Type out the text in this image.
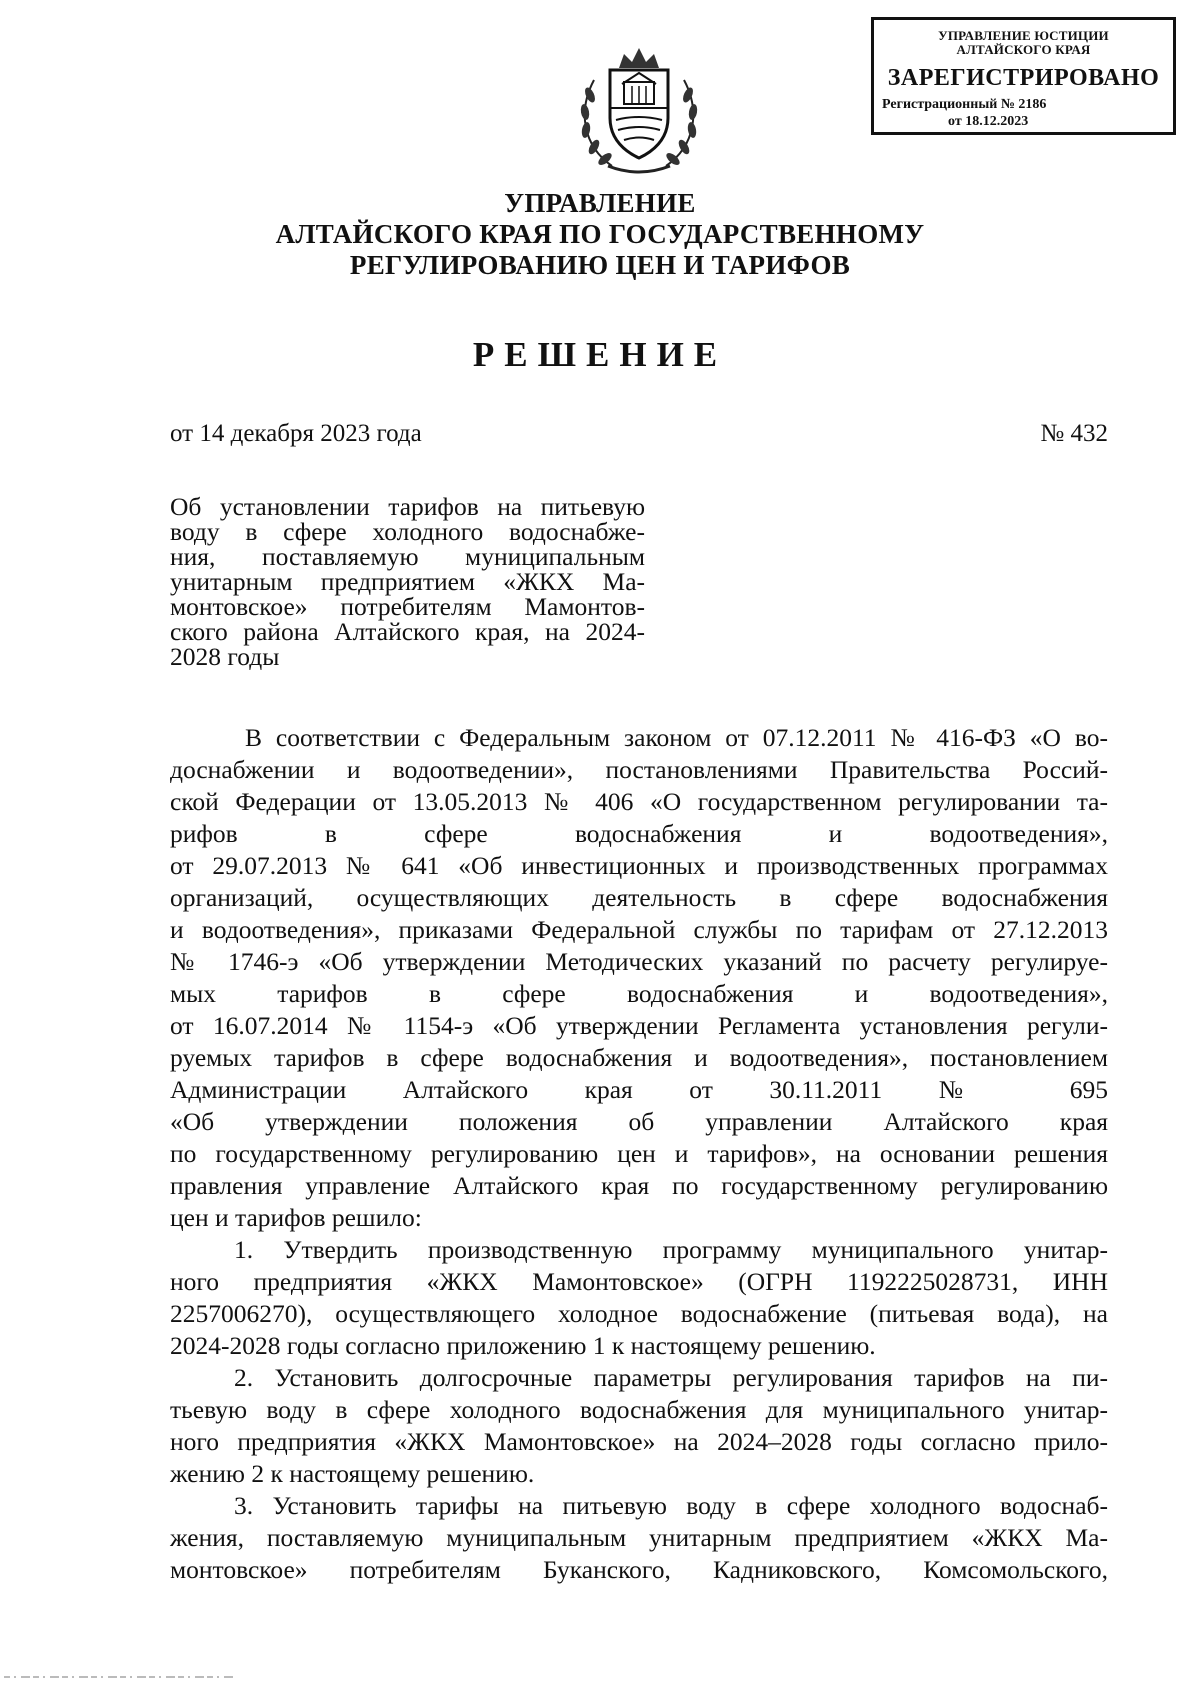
УПРАВЛЕНИЕ ЮСТИЦИИ
АЛТАЙСКОГО КРАЯ
ЗАРЕГИСТРИРОВАНО
Регистрационный № 2186
от 18.12.2023
УПРАВЛЕНИЕ
АЛТАЙСКОГО КРАЯ ПО ГОСУДАРСТВЕННОМУ
РЕГУЛИРОВАНИЮ ЦЕН И ТАРИФОВ
РЕШЕНИЕ
от 14 декабря 2023 года	№ 432
Об установлении тарифов на питьевую
воду в сфере холодного водоснабже-
ния, поставляемую муниципальным
унитарным предприятием «ЖКХ Ма-
монтовское» потребителям Мамонтов-
ского района Алтайского края, на 2024-
2028 годы
В соответствии с Федеральным законом от 07.12.2011 № 416-ФЗ «О во-
доснабжении и водоотведении», постановлениями Правительства Россий-
ской Федерации от 13.05.2013 № 406 «О государственном регулировании та-
рифов в сфере водоснабжения и водоотведения»,
от 29.07.2013 № 641 «Об инвестиционных и производственных программах
организаций, осуществляющих деятельность в сфере водоснабжения
и водоотведения», приказами Федеральной службы по тарифам от 27.12.2013
№ 1746-э «Об утверждении Методических указаний по расчету регулируе-
мых тарифов в сфере водоснабжения и водоотведения»,
от 16.07.2014 № 1154-э «Об утверждении Регламента установления регули-
руемых тарифов в сфере водоснабжения и водоотведения», постановлением
Администрации Алтайского края от 30.11.2011 № 695
«Об утверждении положения об управлении Алтайского края
по государственному регулированию цен и тарифов», на основании решения
правления управление Алтайского края по государственному регулированию
цен и тарифов решило:
1. Утвердить производственную программу муниципального унитар-
ного предприятия «ЖКХ Мамонтовское» (ОГРН 1192225028731, ИНН
2257006270), осуществляющего холодное водоснабжение (питьевая вода), на
2024-2028 годы согласно приложению 1 к настоящему решению.
2. Установить долгосрочные параметры регулирования тарифов на пи-
тьевую воду в сфере холодного водоснабжения для муниципального унитар-
ного предприятия «ЖКХ Мамонтовское» на 2024–2028 годы согласно прило-
жению 2 к настоящему решению.
3. Установить тарифы на питьевую воду в сфере холодного водоснаб-
жения, поставляемую муниципальным унитарным предприятием «ЖКХ Ма-
монтовское» потребителям Буканского, Кадниковского, Комсомольского,
